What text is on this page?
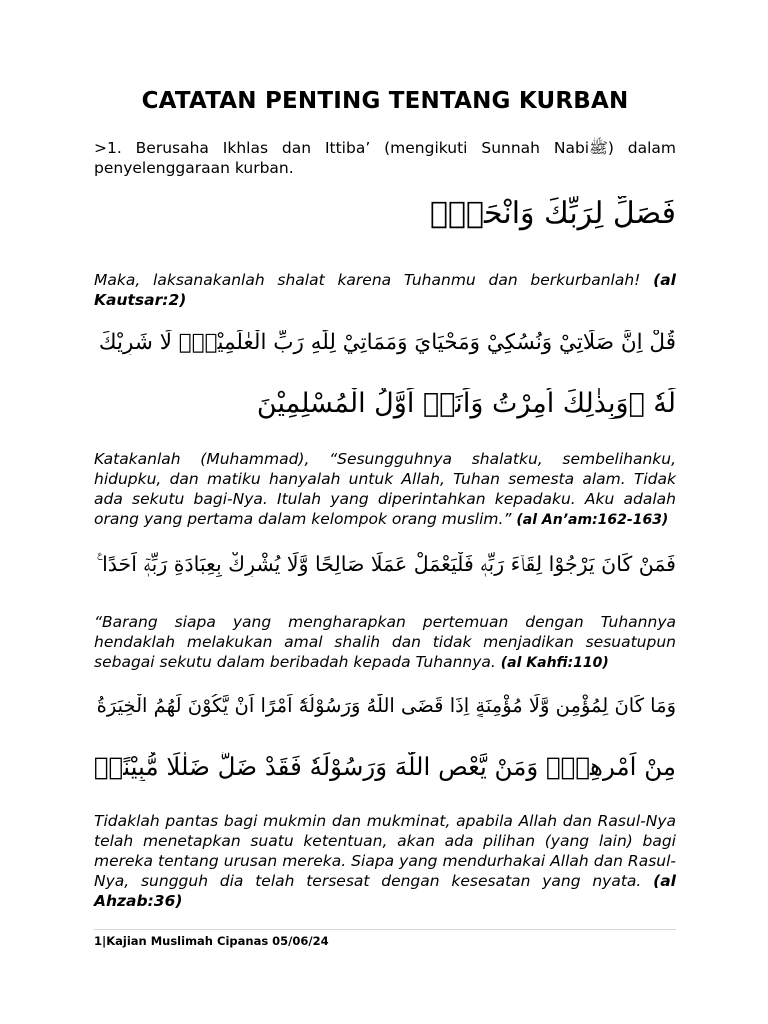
CATATAN PENTING TENTANG KURBAN
>1. Berusaha Ikhlas dan Ittiba’ (mengikuti Sunnah Nabiﷺ) dalam
penyelenggaraan kurban.
فَصَلِّ لِرَبِّكَ وَانْحَرْۗ
Maka, laksanakanlah shalat karena Tuhanmu dan berkurbanlah! (al
Kautsar:2)
قُلْ اِنَّ صَلَاتِيْ وَنُسُكِيْ وَمَحْيَايَ وَمَمَاتِيْ لِلّٰهِ رَبِّ الْعٰلَمِيْنَۙ لَا شَرِيْكَ
لَهٗ ۚوَبِذٰلِكَ اُمِرْتُ وَاَنَا۠ اَوَّلُ الْمُسْلِمِيْنَ
Katakanlah (Muhammad), “Sesungguhnya shalatku, sembelihanku,
hidupku, dan matiku hanyalah untuk Allah, Tuhan semesta alam. Tidak
ada sekutu bagi-Nya. Itulah yang diperintahkan kepadaku. Aku adalah
orang yang pertama dalam kelompok orang muslim.” (al An’am:162-163)
فَمَنْ كَانَ يَرْجُوْا لِقَاۤءَ رَبِّهٖ فَلْيَعْمَلْ عَمَلًا صَالِحًا وَّلَا يُشْرِكْ بِعِبَادَةِ رَبِّهٖٓ اَحَدًا ࣖ
“Barang siapa yang mengharapkan pertemuan dengan Tuhannya
hendaklah melakukan amal shalih dan tidak menjadikan sesuatupun
sebagai sekutu dalam beribadah kepada Tuhannya. (al Kahfi:110)
وَمَا كَانَ لِمُؤْمِنٍ وَّلَا مُؤْمِنَةٍ اِذَا قَضَى اللّٰهُ وَرَسُوْلُهٗٓ اَمْرًا اَنْ يَّكُوْنَ لَهُمُ الْخِيَرَةُ
مِنْ اَمْرِهِمْۗ وَمَنْ يَّعْصِ اللّٰهَ وَرَسُوْلَهٗ فَقَدْ ضَلَّ ضَلٰلًا مُّبِيْنًاۗ
Tidaklah pantas bagi mukmin dan mukminat, apabila Allah dan Rasul-Nya
telah menetapkan suatu ketentuan, akan ada pilihan (yang lain) bagi
mereka tentang urusan mereka. Siapa yang mendurhakai Allah dan Rasul-
Nya, sungguh dia telah tersesat dengan kesesatan yang nyata. (al
Ahzab:36)
1|Kajian Muslimah Cipanas 05/06/24
